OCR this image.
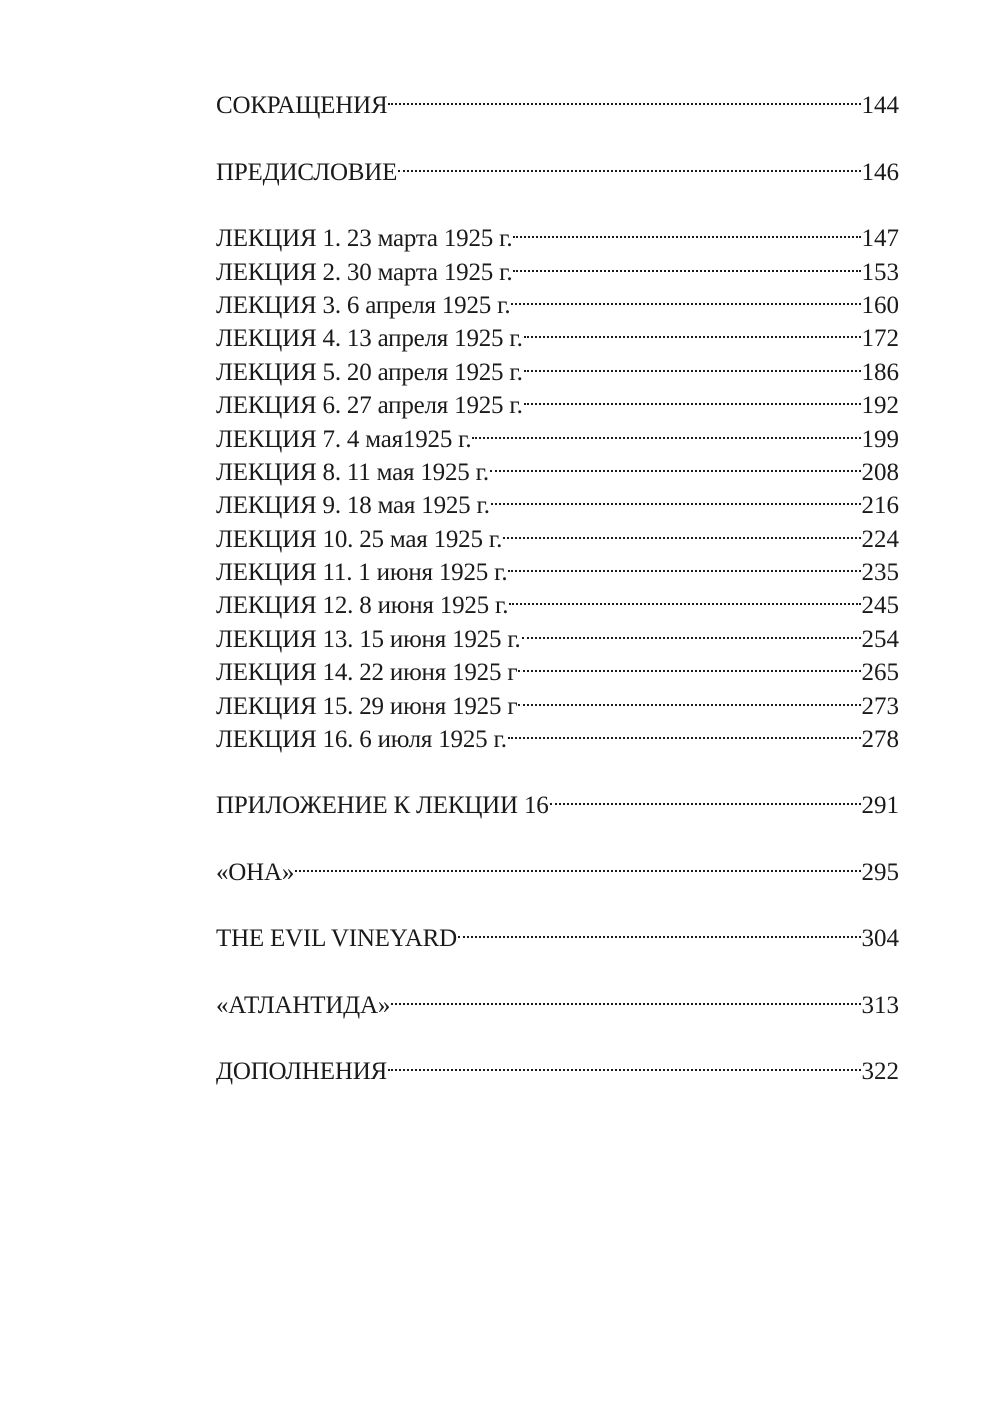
СОКРАЩЕНИЯ	144
ПРЕДИСЛОВИЕ	146
ЛЕКЦИЯ 1. 23 марта 1925 г.	147
ЛЕКЦИЯ 2. 30 марта 1925 г.	153
ЛЕКЦИЯ 3. 6 апреля 1925 г.	160
ЛЕКЦИЯ 4. 13 апреля 1925 г.	172
ЛЕКЦИЯ 5. 20 апреля 1925 г.	186
ЛЕКЦИЯ 6. 27 апреля 1925 г.	192
ЛЕКЦИЯ 7. 4 мая1925 г.	199
ЛЕКЦИЯ 8. 11 мая 1925 г.	208
ЛЕКЦИЯ 9. 18 мая 1925 г.	216
ЛЕКЦИЯ 10. 25 мая 1925 г.	224
ЛЕКЦИЯ 11. 1 июня 1925 г.	235
ЛЕКЦИЯ 12. 8 июня 1925 г.	245
ЛЕКЦИЯ 13. 15 июня 1925 г.	254
ЛЕКЦИЯ 14. 22 июня 1925 г	265
ЛЕКЦИЯ 15. 29 июня 1925 г	273
ЛЕКЦИЯ 16. 6 июля 1925 г.	278
ПРИЛОЖЕНИЕ К ЛЕКЦИИ 16	291
«ОНА»	295
THE EVIL VINEYARD	304
«АТЛАНТИДА»	313
ДОПОЛНЕНИЯ	322
